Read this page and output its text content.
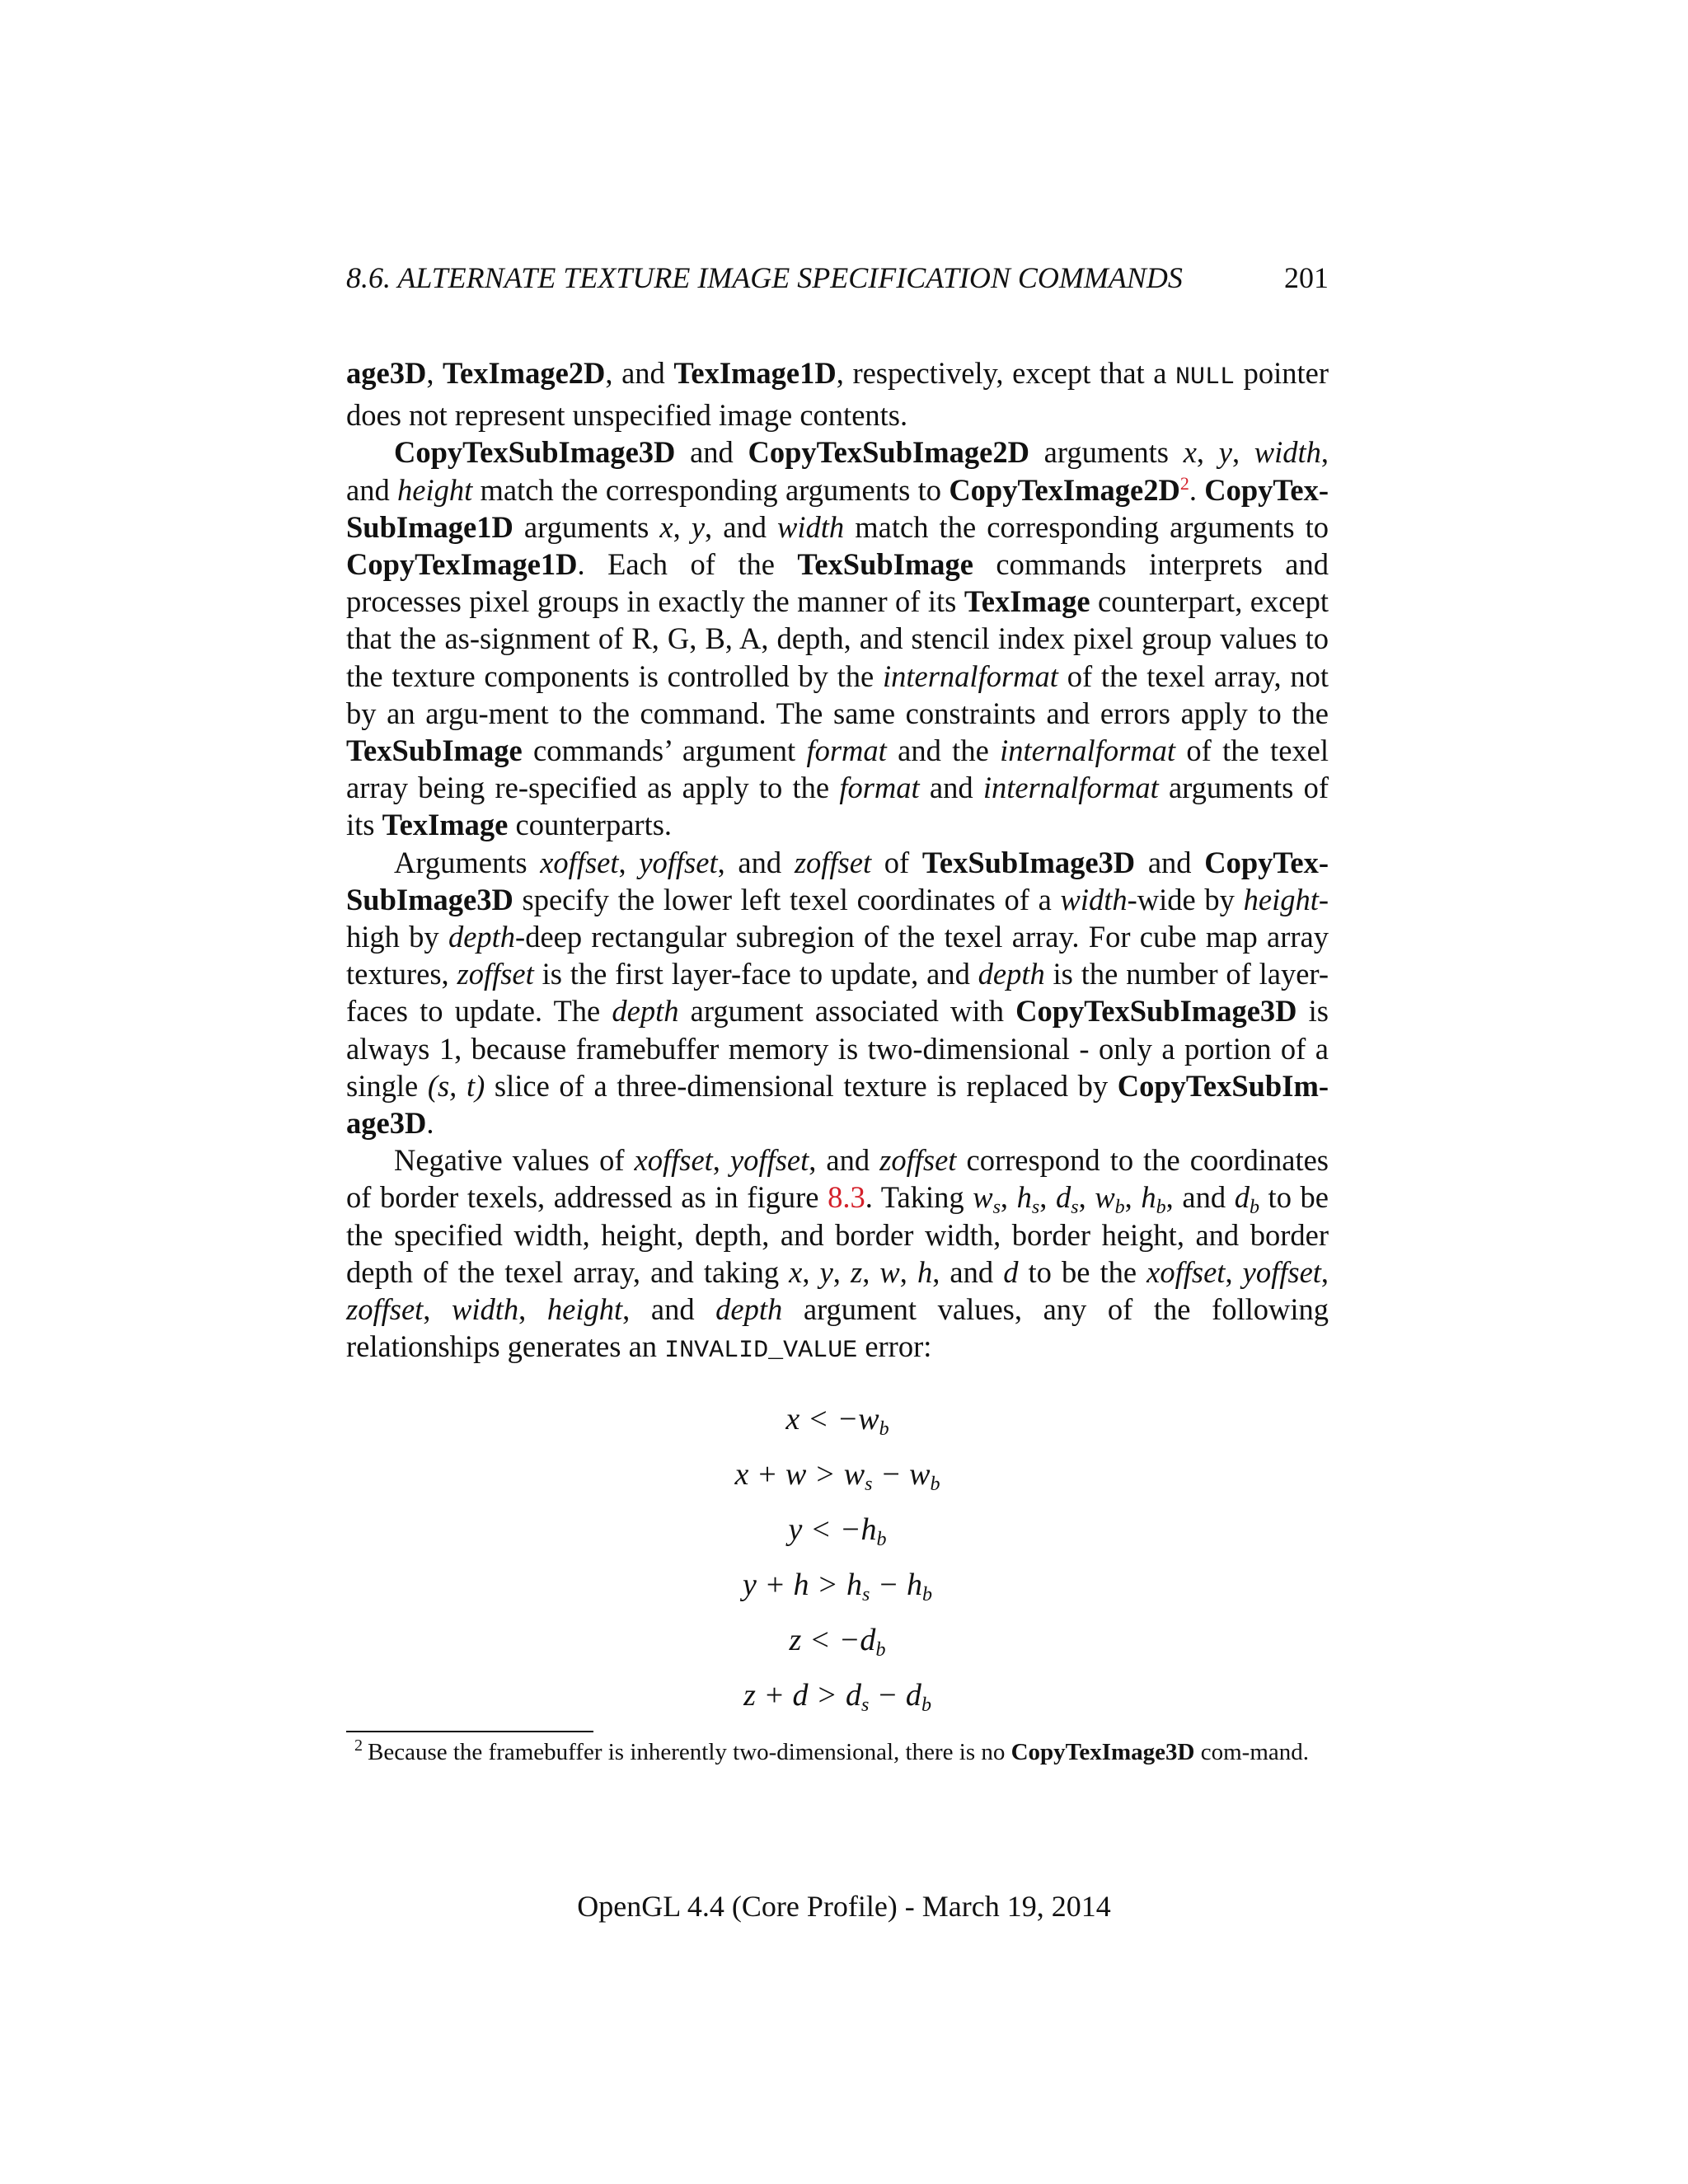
8.6. ALTERNATE TEXTURE IMAGE SPECIFICATION COMMANDS	201

age3D, TexImage2D, and TexImage1D, respectively, except that a NULL pointer does not represent unspecified image contents.

CopyTexSubImage3D and CopyTexSubImage2D arguments x, y, width, and height match the corresponding arguments to $CopyTexImage2D^2$. CopyTex-SubImage1D arguments x, y, and width match the corresponding arguments to CopyTexImage1D. Each of the TexSubImage commands interprets and processes pixel groups in exactly the manner of its TexImage counterpart, except that the as-signment of R, G, B, A, depth, and stencil index pixel group values to the texture components is controlled by the internalformat of the texel array, not by an argu-ment to the command. The same constraints and errors apply to the TexSubImage commands’ argument format and the internalformat of the texel array being re-specified as apply to the format and internalformat arguments of its TexImage counterparts.

Arguments xoffset, yoffset, and zoffset of TexSubImage3D and CopyTex-SubImage3D specify the lower left texel coordinates of a width-wide by height-high by depth-deep rectangular subregion of the texel array. For cube map array textures, zoffset is the first layer-face to update, and depth is the number of layer-faces to update. The depth argument associated with CopyTexSubImage3D is always 1, because framebuffer memory is two-dimensional - only a portion of a single (s, t) slice of a three-dimensional texture is replaced by CopyTexSubIm-age3D.

Negative values of xoffset, yoffset, and zoffset correspond to the coordinates of border texels, addressed as in figure 8.3. Taking $w_s$, $h_s$, $d_s$, $w_b$, $h_b$, and $d_b$ to be the specified width, height, depth, and border width, border height, and border depth of the texel array, and taking x, y, z, w, h, and d to be the xoffset, yoffset, zoffset, width, height, and depth argument values, any of the following relationships generates an INVALID_VALUE error:

$x < -w_b$
$x + w > w_s - w_b$
$y < -h_b$
$y + h > h_s - h_b$
$z < -d_b$
$z + d > d_s - d_b$
$^2$ Because the framebuffer is inherently two-dimensional, there is no CopyTexImage3D com-mand.
OpenGL 4.4 (Core Profile) - March 19, 2014
